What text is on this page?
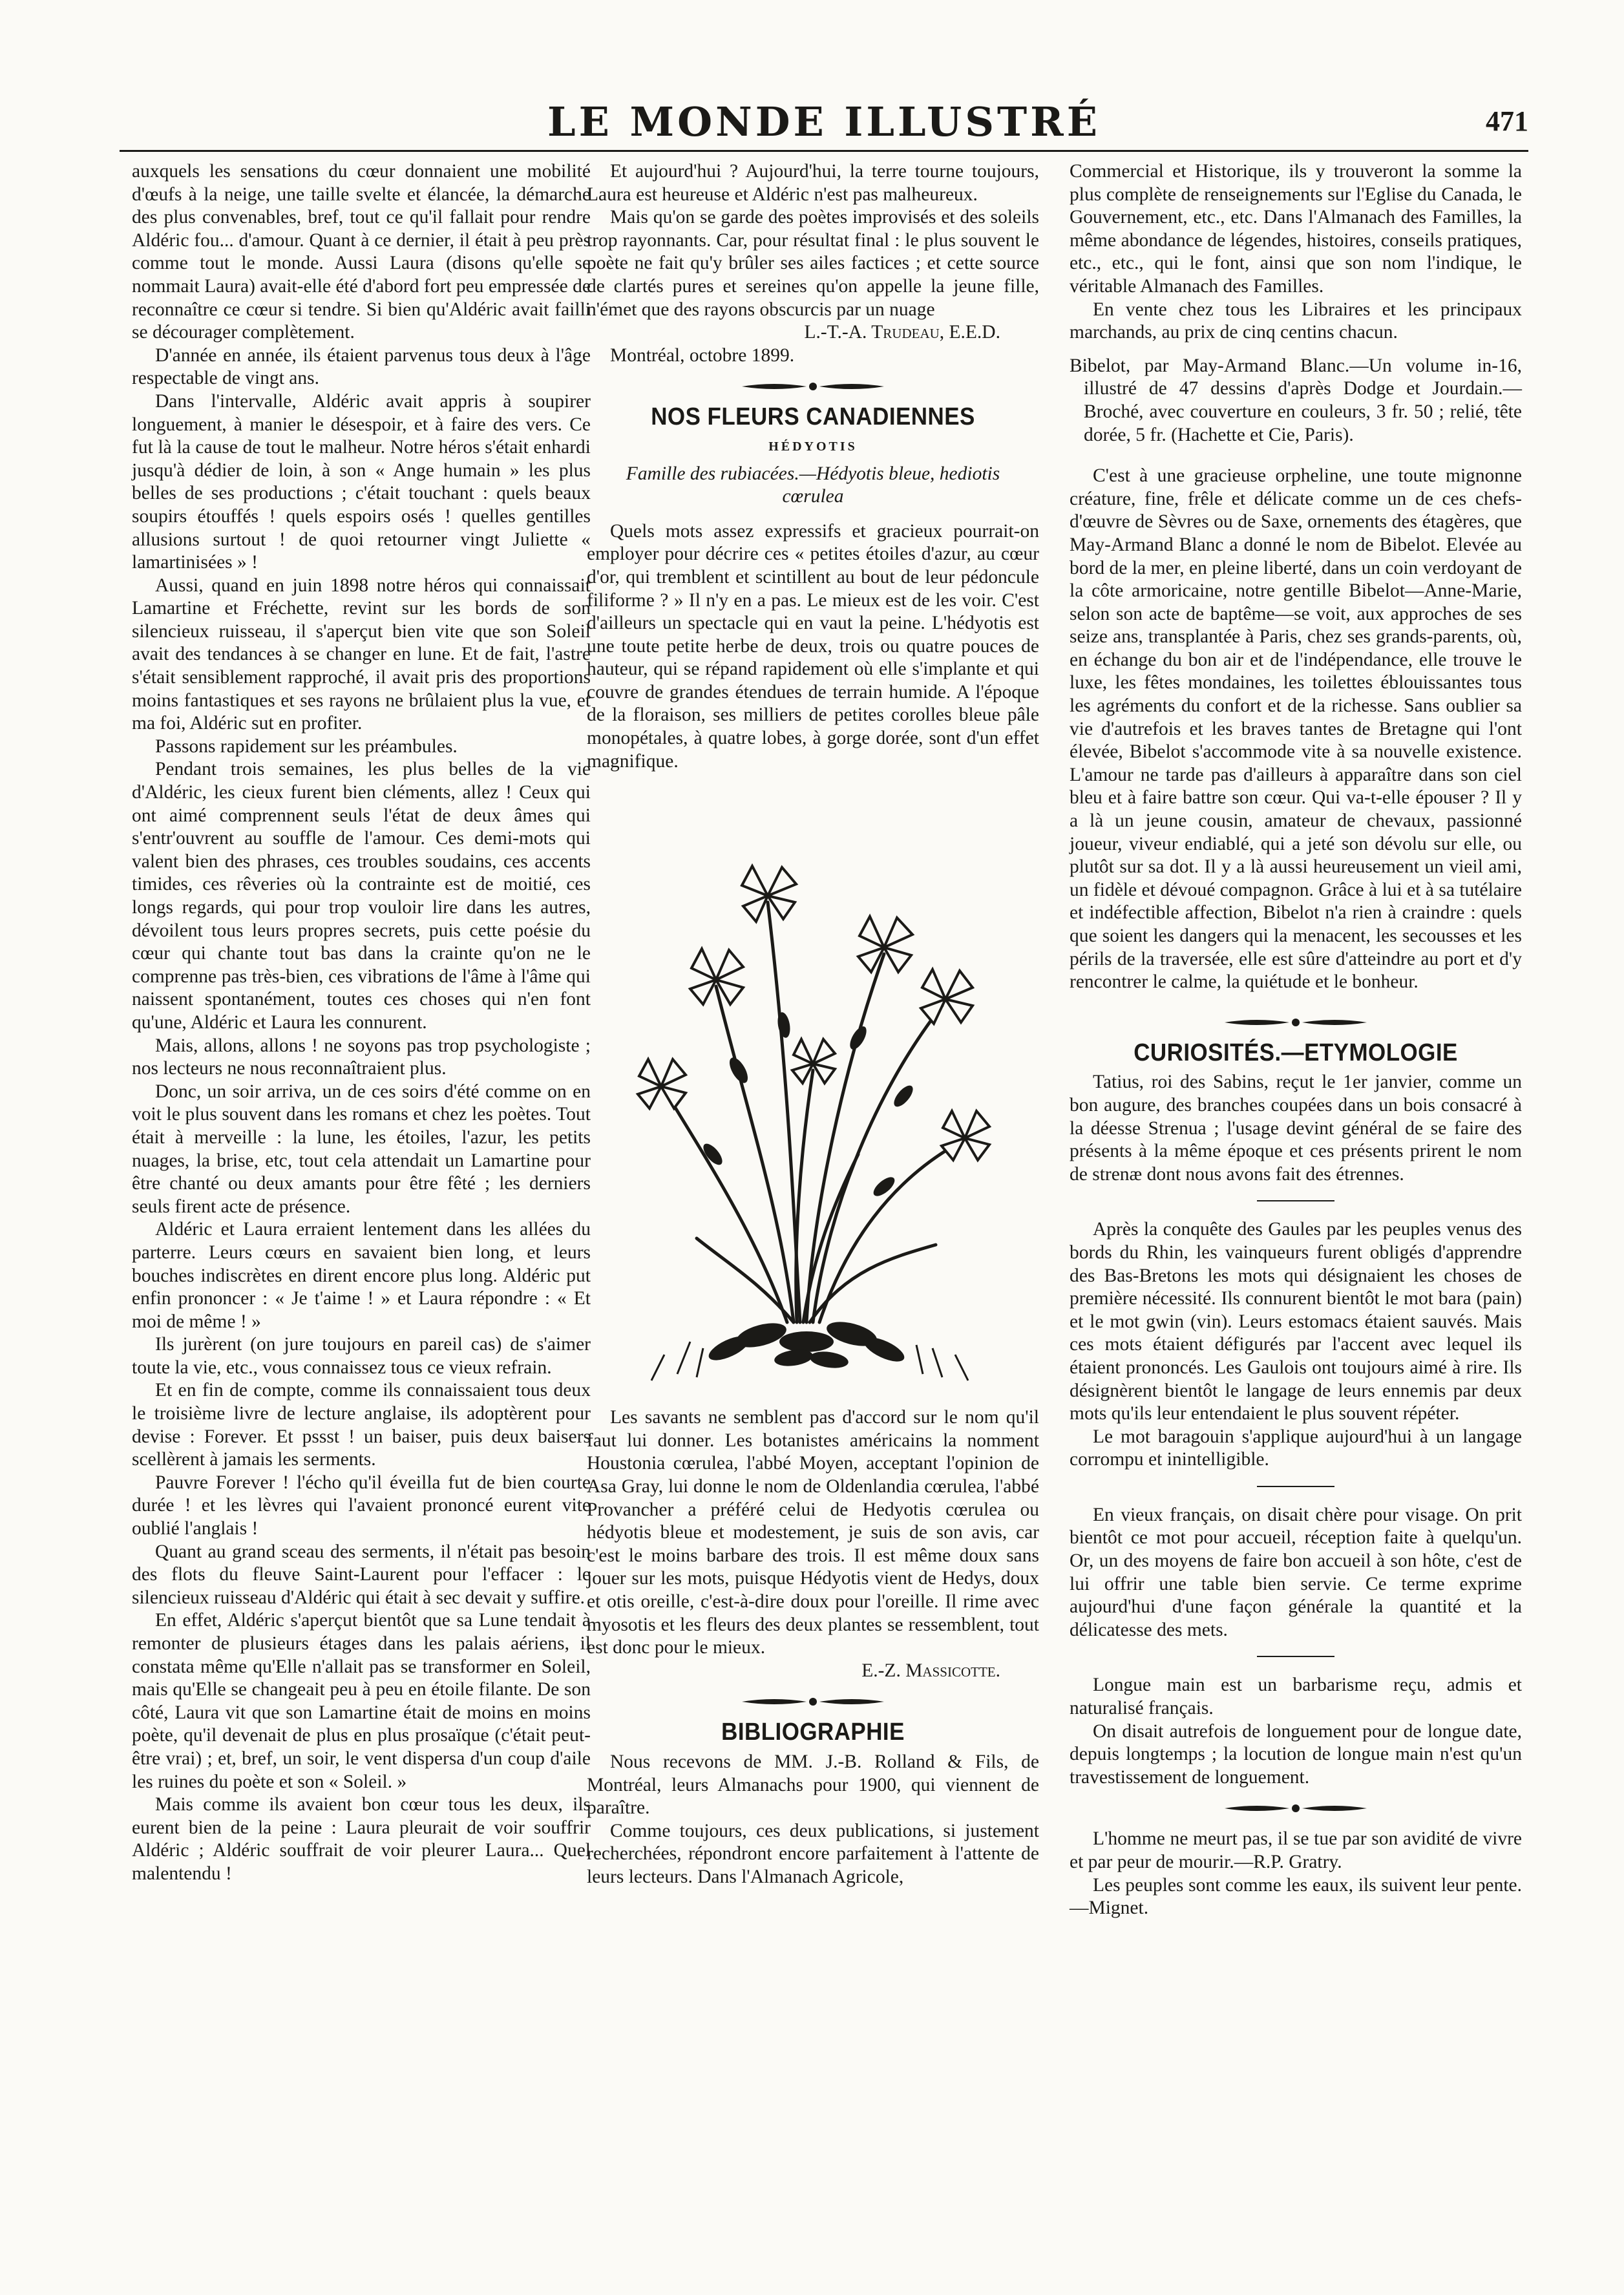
LE MONDE ILLUSTRÉ	471

auxquels les sensations du cœur donnaient une mobilité d'œufs à la neige, une taille svelte et élancée, la démarche des plus convenables, bref, tout ce qu'il fallait pour rendre Aldéric fou... d'amour. Quant à ce dernier, il était à peu près comme tout le monde. Aussi Laura (disons qu'elle se nommait Laura) avait-elle été d'abord fort peu empressée de reconnaître ce cœur si tendre. Si bien qu'Aldéric avait failli se décourager complètement.

D'année en année, ils étaient parvenus tous deux à l'âge respectable de vingt ans.

Dans l'intervalle, Aldéric avait appris à soupirer longuement, à manier le désespoir, et à faire des vers. Ce fut là la cause de tout le malheur. Notre héros s'était enhardi jusqu'à dédier de loin, à son « Ange humain » les plus belles de ses productions ; c'était touchant : quels beaux soupirs étouffés ! quels espoirs osés ! quelles gentilles allusions surtout ! de quoi retourner vingt Juliette « lamartinisées » !

Aussi, quand en juin 1898 notre héros qui connaissait Lamartine et Fréchette, revint sur les bords de son silencieux ruisseau, il s'aperçut bien vite que son Soleil avait des tendances à se changer en lune. Et de fait, l'astre s'était sensiblement rapproché, il avait pris des proportions moins fantastiques et ses rayons ne brûlaient plus la vue, et ma foi, Aldéric sut en profiter.

Passons rapidement sur les préambules.

Pendant trois semaines, les plus belles de la vie d'Aldéric, les cieux furent bien cléments, allez ! Ceux qui ont aimé comprennent seuls l'état de deux âmes qui s'entr'ouvrent au souffle de l'amour. Ces demi-mots qui valent bien des phrases, ces troubles soudains, ces accents timides, ces rêveries où la contrainte est de moitié, ces longs regards, qui pour trop vouloir lire dans les autres, dévoilent tous leurs propres secrets, puis cette poésie du cœur qui chante tout bas dans la crainte qu'on ne le comprenne pas très-bien, ces vibrations de l'âme à l'âme qui naissent spontanément, toutes ces choses qui n'en font qu'une, Aldéric et Laura les connurent.

Mais, allons, allons ! ne soyons pas trop psychologiste ; nos lecteurs ne nous reconnaîtraient plus.

Donc, un soir arriva, un de ces soirs d'été comme on en voit le plus souvent dans les romans et chez les poètes. Tout était à merveille : la lune, les étoiles, l'azur, les petits nuages, la brise, etc, tout cela attendait un Lamartine pour être chanté ou deux amants pour être fêté ; les derniers seuls firent acte de présence.

Aldéric et Laura erraient lentement dans les allées du parterre. Leurs cœurs en savaient bien long, et leurs bouches indiscrètes en dirent encore plus long. Aldéric put enfin prononcer : « Je t'aime ! » et Laura répondre : « Et moi de même ! »

Ils jurèrent (on jure toujours en pareil cas) de s'aimer toute la vie, etc., vous connaissez tous ce vieux refrain.

Et en fin de compte, comme ils connaissaient tous deux le troisième livre de lecture anglaise, ils adoptèrent pour devise : Forever. Et pssst ! un baiser, puis deux baisers scellèrent à jamais les serments.

Pauvre Forever ! l'écho qu'il éveilla fut de bien courte durée ! et les lèvres qui l'avaient prononcé eurent vite oublié l'anglais !

Quant au grand sceau des serments, il n'était pas besoin des flots du fleuve Saint-Laurent pour l'effacer : le silencieux ruisseau d'Aldéric qui était à sec devait y suffire.

En effet, Aldéric s'aperçut bientôt que sa Lune tendait à remonter de plusieurs étages dans les palais aériens, il constata même qu'Elle n'allait pas se transformer en Soleil, mais qu'Elle se changeait peu à peu en étoile filante. De son côté, Laura vit que son Lamartine était de moins en moins poète, qu'il devenait de plus en plus prosaïque (c'était peut-être vrai) ; et, bref, un soir, le vent dispersa d'un coup d'aile les ruines du poète et son « Soleil. »

Mais comme ils avaient bon cœur tous les deux, ils eurent bien de la peine : Laura pleurait de voir souffrir Aldéric ; Aldéric souffrait de voir pleurer Laura... Quel malentendu !

Et aujourd'hui ? Aujourd'hui, la terre tourne toujours, Laura est heureuse et Aldéric n'est pas malheureux.

Mais qu'on se garde des poètes improvisés et des soleils trop rayonnants. Car, pour résultat final : le plus souvent le poète ne fait qu'y brûler ses ailes factices ; et cette source de clartés pures et sereines qu'on appelle la jeune fille, n'émet que des rayons obscurcis par un nuage

L.-T.-A. Trudeau, E.E.D.

Montréal, octobre 1899.

NOS FLEURS CANADIENNES
HÉDYOTIS
Famille des rubiacées.—Hédyotis bleue, hediotis cœrulea

Quels mots assez expressifs et gracieux pourrait-on employer pour décrire ces « petites étoiles d'azur, au cœur d'or, qui tremblent et scintillent au bout de leur pédoncule filiforme ? » Il n'y en a pas. Le mieux est de les voir. C'est d'ailleurs un spectacle qui en vaut la peine. L'hédyotis est une toute petite herbe de deux, trois ou quatre pouces de hauteur, qui se répand rapidement où elle s'implante et qui couvre de grandes étendues de terrain humide. A l'époque de la floraison, ses milliers de petites corolles bleue pâle monopétales, à quatre lobes, à gorge dorée, sont d'un effet magnifique.

Les savants ne semblent pas d'accord sur le nom qu'il faut lui donner. Les botanistes américains la nomment Houstonia cœrulea, l'abbé Moyen, acceptant l'opinion de Asa Gray, lui donne le nom de Oldenlandia cœrulea, l'abbé Provancher a préféré celui de Hedyotis cœrulea ou hédyotis bleue et modestement, je suis de son avis, car c'est le moins barbare des trois. Il est même doux sans jouer sur les mots, puisque Hédyotis vient de Hedys, doux et otis oreille, c'est-à-dire doux pour l'oreille. Il rime avec myosotis et les fleurs des deux plantes se ressemblent, tout est donc pour le mieux.

E.-Z. Massicotte.

BIBLIOGRAPHIE

Nous recevons de MM. J.-B. Rolland & Fils, de Montréal, leurs Almanachs pour 1900, qui viennent de paraître.

Comme toujours, ces deux publications, si justement recherchées, répondront encore parfaitement à l'attente de leurs lecteurs. Dans l'Almanach Agricole,

Commercial et Historique, ils y trouveront la somme la plus complète de renseignements sur l'Eglise du Canada, le Gouvernement, etc., etc. Dans l'Almanach des Familles, la même abondance de légendes, histoires, conseils pratiques, etc., etc., qui le font, ainsi que son nom l'indique, le véritable Almanach des Familles.

En vente chez tous les Libraires et les principaux marchands, au prix de cinq centins chacun.

Bibelot, par May-Armand Blanc.—Un volume in-16, illustré de 47 dessins d'après Dodge et Jourdain.—Broché, avec couverture en couleurs, 3 fr. 50 ; relié, tête dorée, 5 fr. (Hachette et Cie, Paris).

C'est à une gracieuse orpheline, une toute mignonne créature, fine, frêle et délicate comme un de ces chefs-d'œuvre de Sèvres ou de Saxe, ornements des étagères, que May-Armand Blanc a donné le nom de Bibelot. Elevée au bord de la mer, en pleine liberté, dans un coin verdoyant de la côte armoricaine, notre gentille Bibelot—Anne-Marie, selon son acte de baptême—se voit, aux approches de ses seize ans, transplantée à Paris, chez ses grands-parents, où, en échange du bon air et de l'indépendance, elle trouve le luxe, les fêtes mondaines, les toilettes éblouissantes tous les agréments du confort et de la richesse. Sans oublier sa vie d'autrefois et les braves tantes de Bretagne qui l'ont élevée, Bibelot s'accommode vite à sa nouvelle existence. L'amour ne tarde pas d'ailleurs à apparaître dans son ciel bleu et à faire battre son cœur. Qui va-t-elle épouser ? Il y a là un jeune cousin, amateur de chevaux, passionné joueur, viveur endiablé, qui a jeté son dévolu sur elle, ou plutôt sur sa dot. Il y a là aussi heureusement un vieil ami, un fidèle et dévoué compagnon. Grâce à lui et à sa tutélaire et indéfectible affection, Bibelot n'a rien à craindre : quels que soient les dangers qui la menacent, les secousses et les périls de la traversée, elle est sûre d'atteindre au port et d'y rencontrer le calme, la quiétude et le bonheur.

CURIOSITÉS.—ETYMOLOGIE

Tatius, roi des Sabins, reçut le 1er janvier, comme un bon augure, des branches coupées dans un bois consacré à la déesse Strenua ; l'usage devint général de se faire des présents à la même époque et ces présents prirent le nom de strenæ dont nous avons fait des étrennes.

Après la conquête des Gaules par les peuples venus des bords du Rhin, les vainqueurs furent obligés d'apprendre des Bas-Bretons les mots qui désignaient les choses de première nécessité. Ils connurent bientôt le mot bara (pain) et le mot gwin (vin). Leurs estomacs étaient sauvés. Mais ces mots étaient défigurés par l'accent avec lequel ils étaient prononcés. Les Gaulois ont toujours aimé à rire. Ils désignèrent bientôt le langage de leurs ennemis par deux mots qu'ils leur entendaient le plus souvent répéter.

Le mot baragouin s'applique aujourd'hui à un langage corrompu et inintelligible.

En vieux français, on disait chère pour visage. On prit bientôt ce mot pour accueil, réception faite à quelqu'un. Or, un des moyens de faire bon accueil à son hôte, c'est de lui offrir une table bien servie. Ce terme exprime aujourd'hui d'une façon générale la quantité et la délicatesse des mets.

Longue main est un barbarisme reçu, admis et naturalisé français.

On disait autrefois de longuement pour de longue date, depuis longtemps ; la locution de longue main n'est qu'un travestissement de longuement.

L'homme ne meurt pas, il se tue par son avidité de vivre et par peur de mourir.—R.P. Gratry.

Les peuples sont comme les eaux, ils suivent leur pente.—Mignet.
